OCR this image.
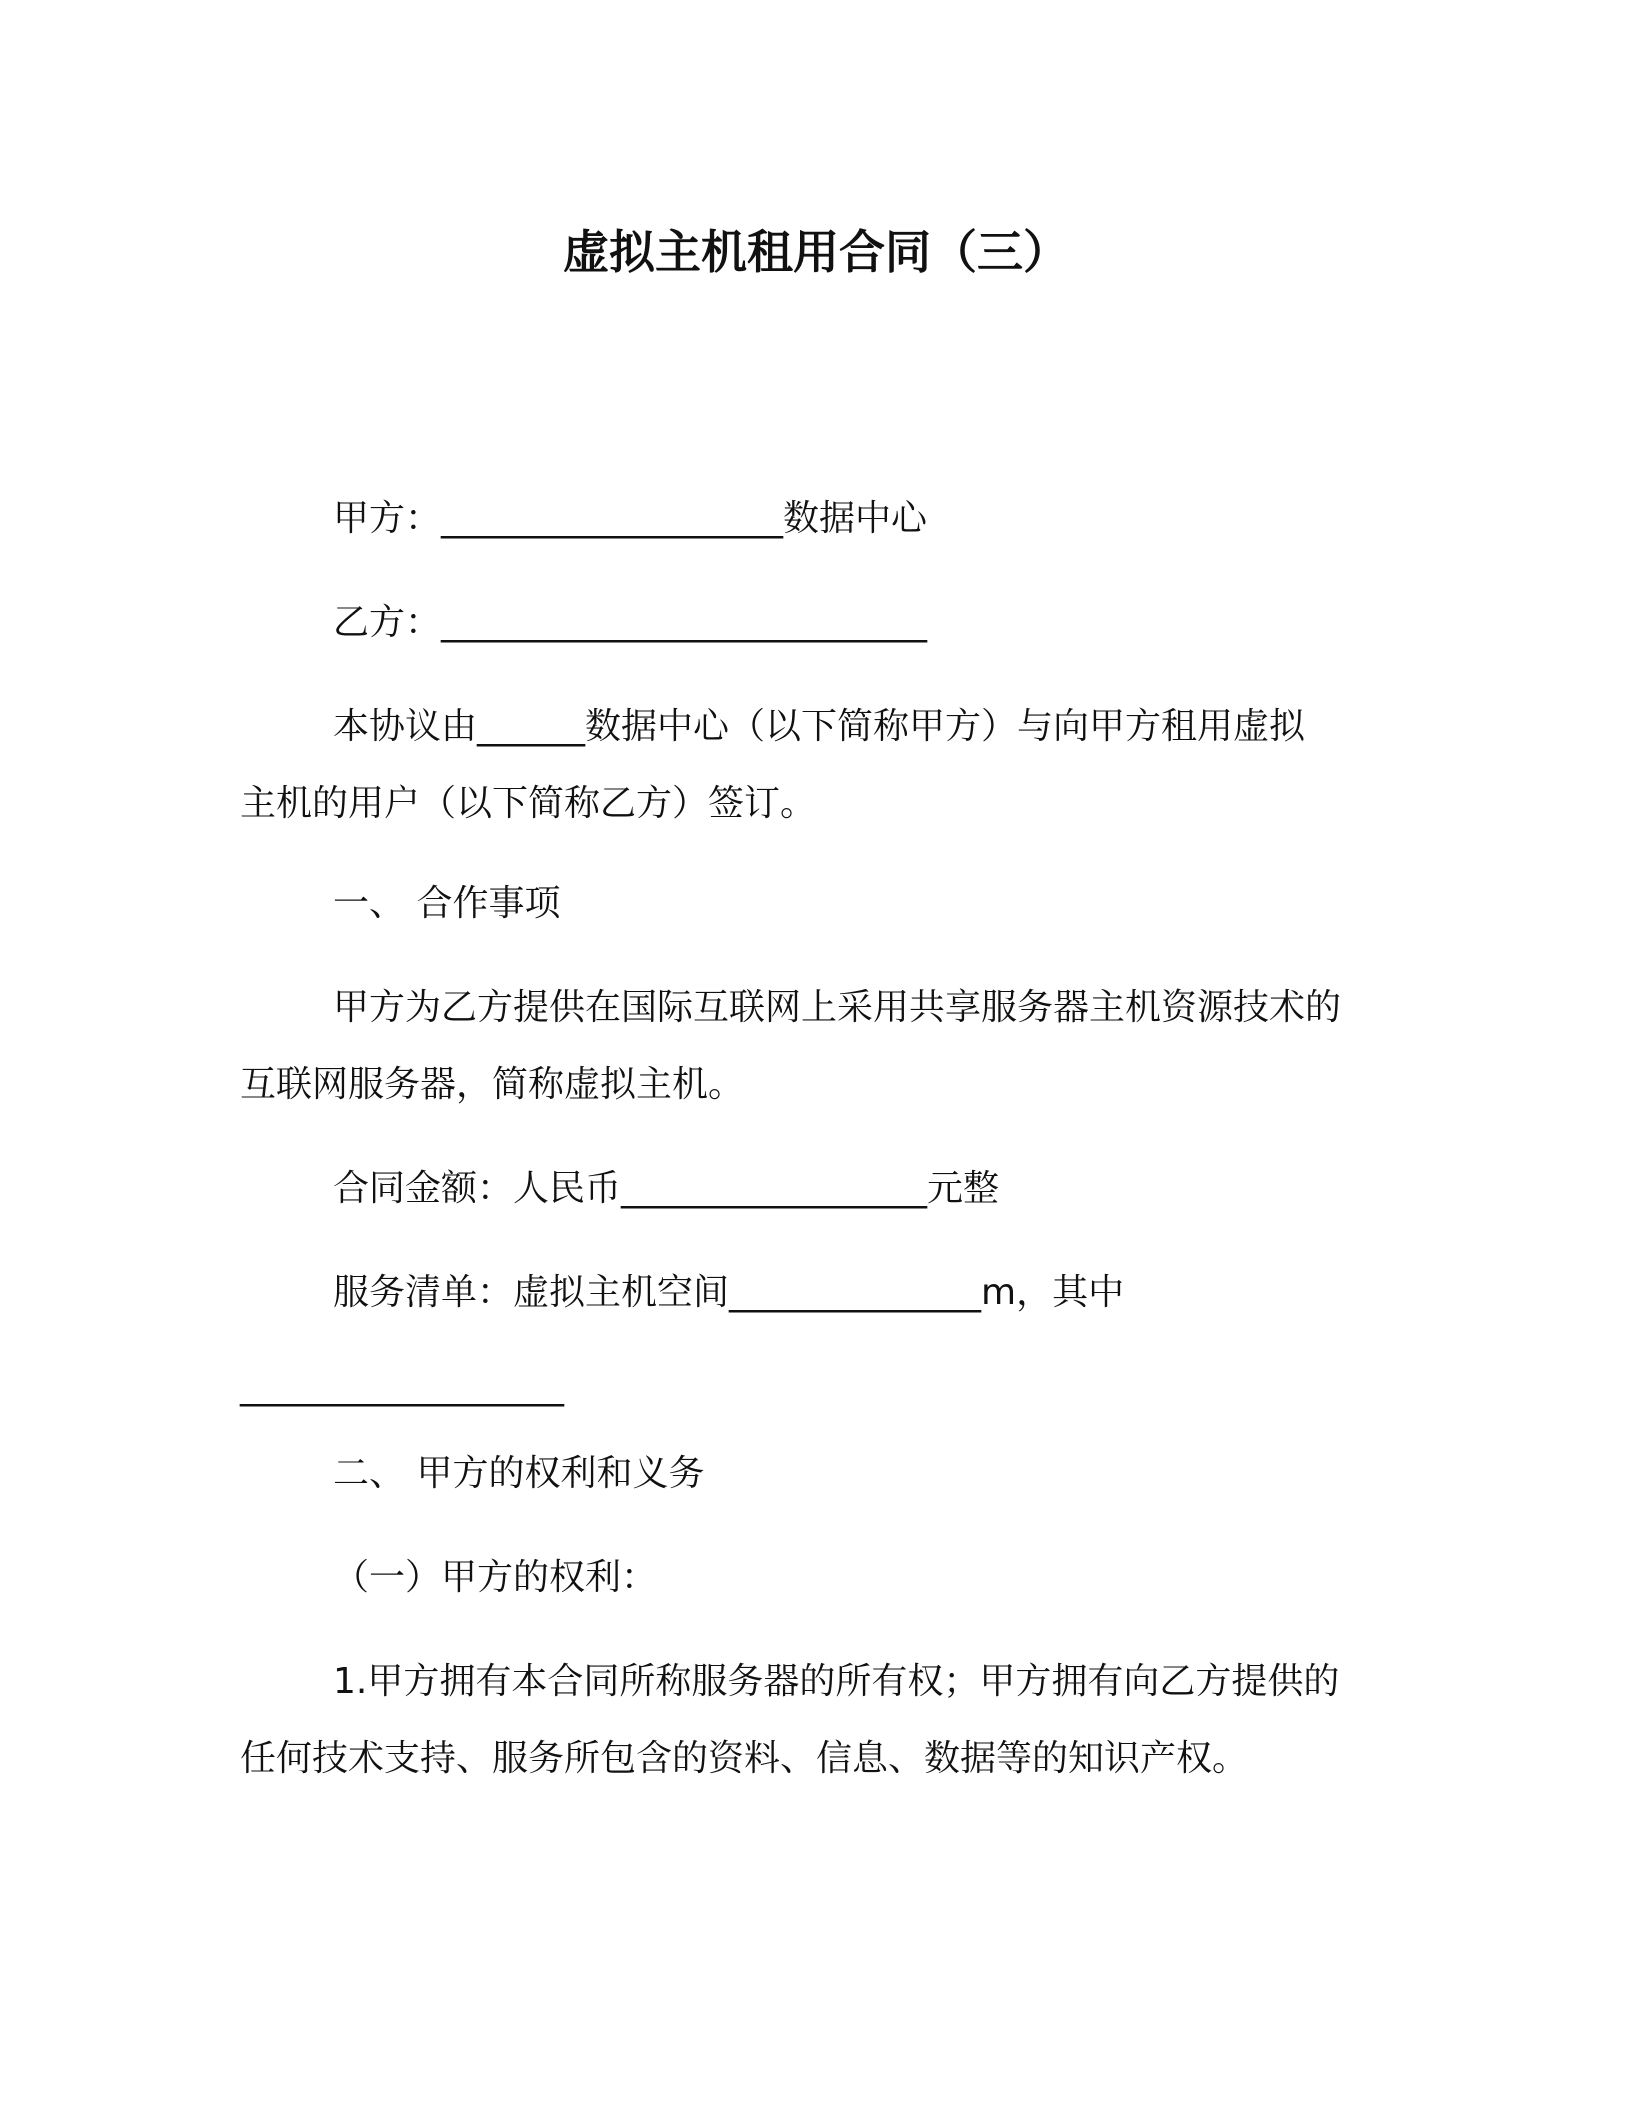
虚拟主机租用合同（三）
甲方：___________________数据中心
乙方：___________________________
本协议由______数据中心（以下简称甲方）与向甲方租用虚拟
主机的用户（以下简称乙方）签订。
一、 合作事项
甲方为乙方提供在国际互联网上采用共享服务器主机资源技术的
互联网服务器，简称虚拟主机。
合同金额：人民币_________________元整
服务清单：虚拟主机空间______________m，其中
__________________
二、 甲方的权利和义务
（一）甲方的权利：
1.甲方拥有本合同所称服务器的所有权；甲方拥有向乙方提供的
任何技术支持、服务所包含的资料、信息、数据等的知识产权。
